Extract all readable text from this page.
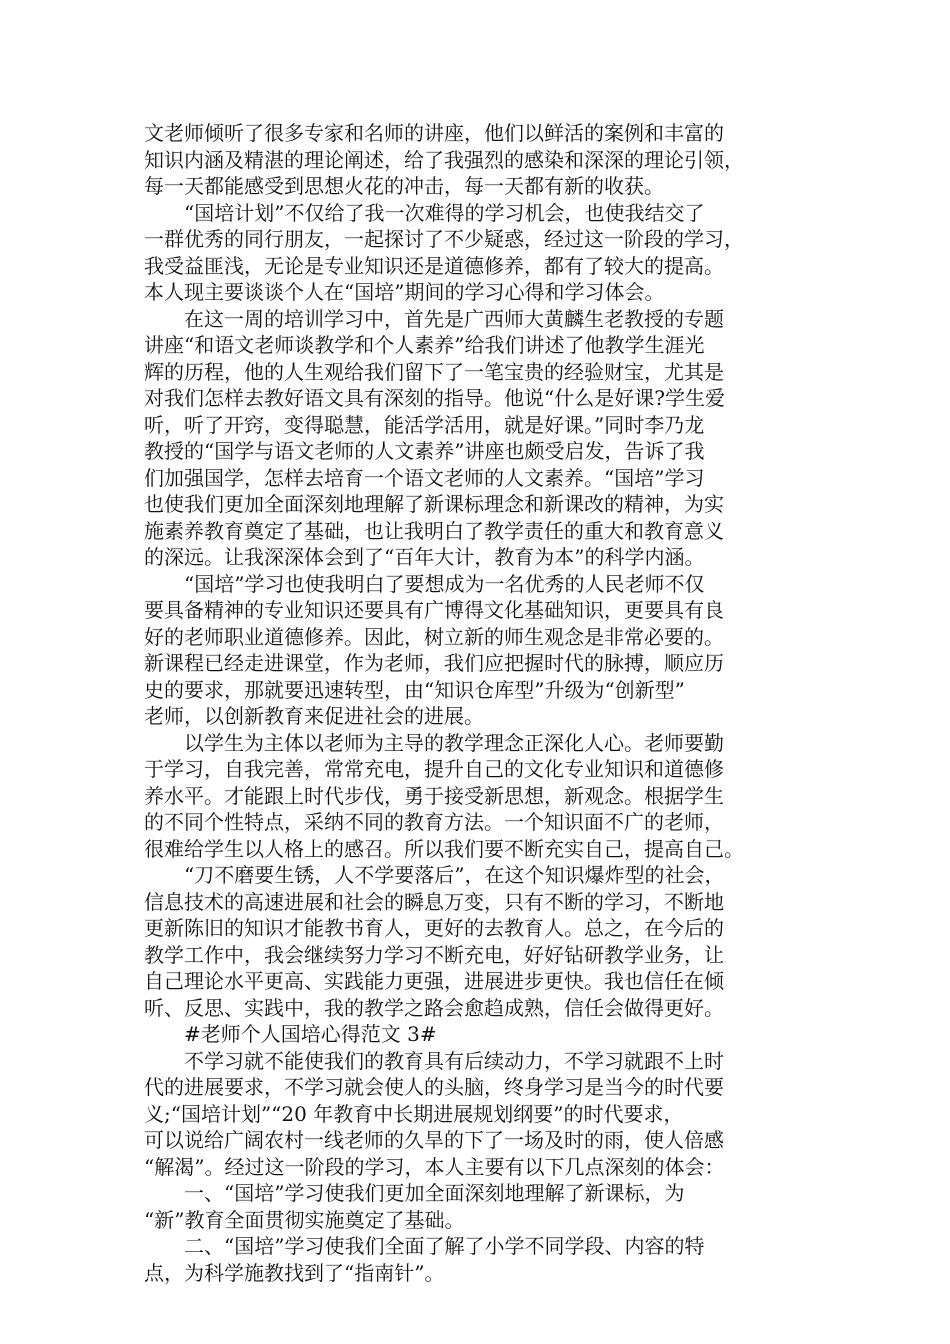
文老师倾听了很多专家和名师的讲座，他们以鲜活的案例和丰富的
知识内涵及精湛的理论阐述，给了我强烈的感染和深深的理论引领，
每一天都能感受到思想火花的冲击，每一天都有新的收获。
“国培计划”不仅给了我一次难得的学习机会，也使我结交了
一群优秀的同行朋友，一起探讨了不少疑惑，经过这一阶段的学习，
我受益匪浅，无论是专业知识还是道德修养，都有了较大的提高。
本人现主要谈谈个人在“国培”期间的学习心得和学习体会。
在这一周的培训学习中，首先是广西师大黄麟生老教授的专题
讲座“和语文老师谈教学和个人素养”给我们讲述了他教学生涯光
辉的历程，他的人生观给我们留下了一笔宝贵的经验财宝，尤其是
对我们怎样去教好语文具有深刻的指导。他说“什么是好课?学生爱
听，听了开窍，变得聪慧，能活学活用，就是好课。”同时李乃龙
教授的“国学与语文老师的人文素养”讲座也颇受启发，告诉了我
们加强国学，怎样去培育一个语文老师的人文素养。“国培”学习
也使我们更加全面深刻地理解了新课标理念和新课改的精神，为实
施素养教育奠定了基础，也让我明白了教学责任的重大和教育意义
的深远。让我深深体会到了“百年大计，教育为本”的科学内涵。
“国培”学习也使我明白了要想成为一名优秀的人民老师不仅
要具备精神的专业知识还要具有广博得文化基础知识，更要具有良
好的老师职业道德修养。因此，树立新的师生观念是非常必要的。
新课程已经走进课堂，作为老师，我们应把握时代的脉搏，顺应历
史的要求，那就要迅速转型，由“知识仓库型”升级为“创新型”
老师，以创新教育来促进社会的进展。
以学生为主体以老师为主导的教学理念正深化人心。老师要勤
于学习，自我完善，常常充电，提升自己的文化专业知识和道德修
养水平。才能跟上时代步伐，勇于接受新思想，新观念。根据学生
的不同个性特点，采纳不同的教育方法。一个知识面不广的老师，
很难给学生以人格上的感召。所以我们要不断充实自己，提高自己。
“刀不磨要生锈，人不学要落后”，在这个知识爆炸型的社会，
信息技术的高速进展和社会的瞬息万变，只有不断的学习，不断地
更新陈旧的知识才能教书育人，更好的去教育人。总之，在今后的
教学工作中，我会继续努力学习不断充电，好好钻研教学业务，让
自己理论水平更高、实践能力更强，进展进步更快。我也信任在倾
听、反思、实践中，我的教学之路会愈趋成熟，信任会做得更好。
#老师个人国培心得范文 3#
不学习就不能使我们的教育具有后续动力，不学习就跟不上时
代的进展要求，不学习就会使人的头脑，终身学习是当今的时代要
义;“国培计划”“20 年教育中长期进展规划纲要”的时代要求，
可以说给广阔农村一线老师的久旱的下了一场及时的雨，使人倍感
“解渴”。经过这一阶段的学习，本人主要有以下几点深刻的体会：
一、“国培”学习使我们更加全面深刻地理解了新课标，为
“新”教育全面贯彻实施奠定了基础。
二、“国培”学习使我们全面了解了小学不同学段、内容的特
点，为科学施教找到了“指南针”。
